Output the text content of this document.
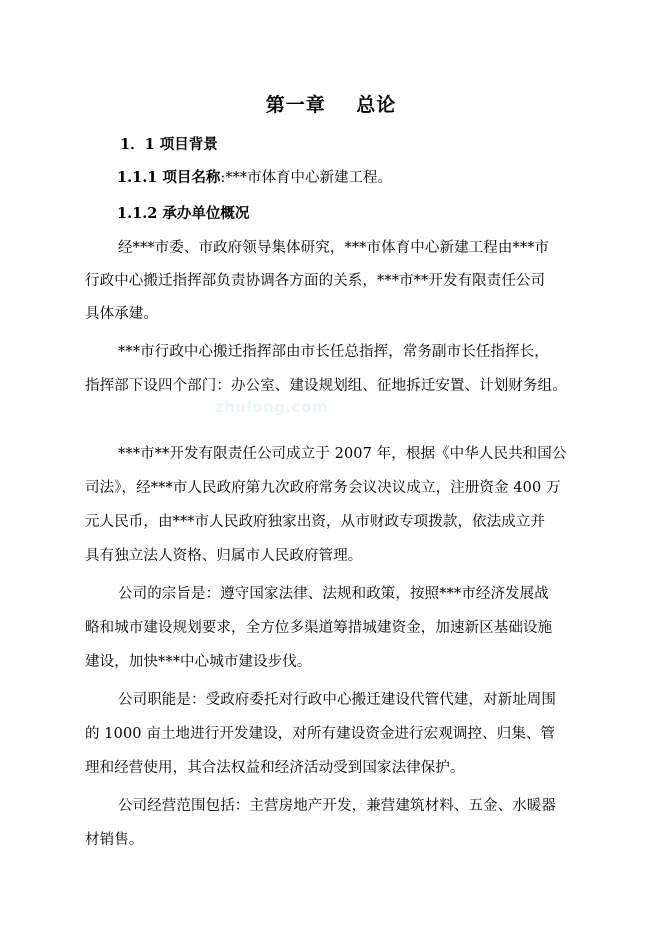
第一章    总论
1．1 项目背景
1.1.1 项目名称:***市体育中心新建工程。
1.1.2 承办单位概况
经***市委、市政府领导集体研究，***市体育中心新建工程由***市
行政中心搬迁指挥部负责协调各方面的关系，***市**开发有限责任公司
具体承建。
***市行政中心搬迁指挥部由市长任总指挥，常务副市长任指挥长，
指挥部下设四个部门：办公室、建设规划组、征地拆迁安置、计划财务组。
zhulong.com
***市**开发有限责任公司成立于 2007 年，根据《中华人民共和国公
司法》，经***市人民政府第九次政府常务会议决议成立，注册资金 400 万
元人民币，由***市人民政府独家出资，从市财政专项拨款，依法成立并
具有独立法人资格、归属市人民政府管理。
公司的宗旨是：遵守国家法律、法规和政策，按照***市经济发展战
略和城市建设规划要求，全方位多渠道筹措城建资金，加速新区基础设施
建设，加快***中心城市建设步伐。
公司职能是：受政府委托对行政中心搬迁建设代管代建，对新址周围
的 1000 亩土地进行开发建设，对所有建设资金进行宏观调控、归集、管
理和经营使用，其合法权益和经济活动受到国家法律保护。
公司经营范围包括：主营房地产开发，兼营建筑材料、五金、水暖器
材销售。
